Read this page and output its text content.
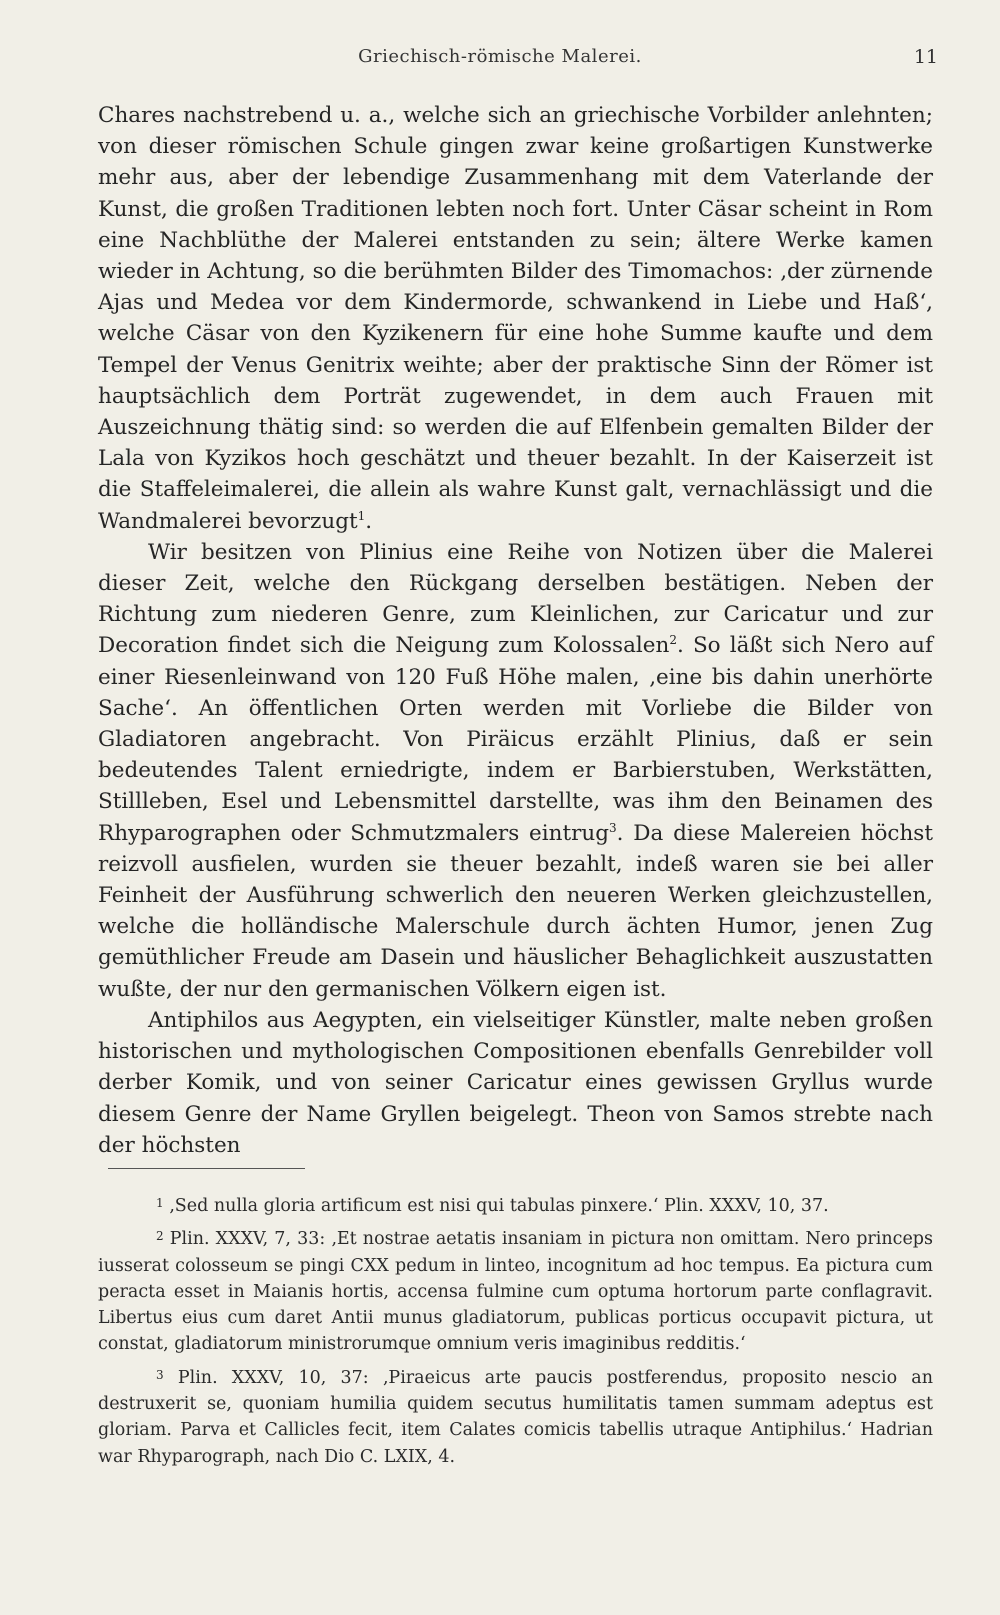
Griechisch-römische Malerei.	11

Chares nachstrebend u. a., welche sich an griechische Vorbilder anlehnten; von dieser römischen Schule gingen zwar keine großartigen Kunstwerke mehr aus, aber der lebendige Zusammenhang mit dem Vaterlande der Kunst, die großen Traditionen lebten noch fort. Unter Cäsar scheint in Rom eine Nachblüthe der Malerei entstanden zu sein; ältere Werke kamen wieder in Achtung, so die berühmten Bilder des Timomachos: ‚der zürnende Ajas und Medea vor dem Kindermorde, schwankend in Liebe und Haß‘, welche Cäsar von den Kyzikenern für eine hohe Summe kaufte und dem Tempel der Venus Genitrix weihte; aber der praktische Sinn der Römer ist hauptsächlich dem Porträt zugewendet, in dem auch Frauen mit Auszeichnung thätig sind: so werden die auf Elfenbein gemalten Bilder der Lala von Kyzikos hoch geschätzt und theuer bezahlt. In der Kaiserzeit ist die Staffeleimalerei, die allein als wahre Kunst galt, vernachlässigt und die Wandmalerei bevorzugt$^1$.

Wir besitzen von Plinius eine Reihe von Notizen über die Malerei dieser Zeit, welche den Rückgang derselben bestätigen. Neben der Richtung zum niederen Genre, zum Kleinlichen, zur Caricatur und zur Decoration findet sich die Neigung zum Kolossalen$^2$. So läßt sich Nero auf einer Riesenleinwand von 120 Fuß Höhe malen, ‚eine bis dahin unerhörte Sache‘. An öffentlichen Orten werden mit Vorliebe die Bilder von Gladiatoren angebracht. Von Piräicus erzählt Plinius, daß er sein bedeutendes Talent erniedrigte, indem er Barbierstuben, Werkstätten, Stillleben, Esel und Lebensmittel darstellte, was ihm den Beinamen des Rhyparographen oder Schmutzmalers eintrug$^3$. Da diese Malereien höchst reizvoll ausfielen, wurden sie theuer bezahlt, indeß waren sie bei aller Feinheit der Ausführung schwerlich den neueren Werken gleichzustellen, welche die holländische Malerschule durch ächten Humor, jenen Zug gemüthlicher Freude am Dasein und häuslicher Behaglichkeit auszustatten wußte, der nur den germanischen Völkern eigen ist.

Antiphilos aus Aegypten, ein vielseitiger Künstler, malte neben großen historischen und mythologischen Compositionen ebenfalls Genrebilder voll derber Komik, und von seiner Caricatur eines gewissen Gryllus wurde diesem Genre der Name Gryllen beigelegt. Theon von Samos strebte nach der höchsten

$^1$ ‚Sed nulla gloria artificum est nisi qui tabulas pinxere.‘ Plin. XXXV, 10, 37.

$^2$ Plin. XXXV, 7, 33: ‚Et nostrae aetatis insaniam in pictura non omittam. Nero princeps iusserat colosseum se pingi CXX pedum in linteo, incognitum ad hoc tempus. Ea pictura cum peracta esset in Maianis hortis, accensa fulmine cum optuma hortorum parte conflagravit. Libertus eius cum daret Antii munus gladiatorum, publicas porticus occupavit pictura, ut constat, gladiatorum ministrorumque omnium veris imaginibus redditis.‘

$^3$ Plin. XXXV, 10, 37: ‚Piraeicus arte paucis postferendus, proposito nescio an destruxerit se, quoniam humilia quidem secutus humilitatis tamen summam adeptus est gloriam. Parva et Callicles fecit, item Calates comicis tabellis utraque Antiphilus.‘ Hadrian war Rhyparograph, nach Dio C. LXIX, 4.
